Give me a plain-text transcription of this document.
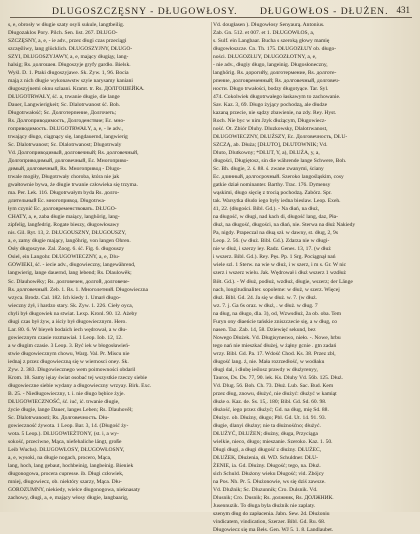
DLUGOSZCZĘSNY - DŁUGOWŁOSY. DŁUGOWŁOS - DŁUŻEN. 431
s, e, obrosły w długie szaty osyli sukule, langtbeilig.
Długozaklos Pory. Pilch. Sen. list. 267. DŁUGO-
SZCZĘSNY, a, e, - ie adv., przez długi czas przeciągi
szczęśliwy, lang glücklich. DŁUGOSZYJNY, DŁUGO-
SZYI, DŁUGOSZYJAWY, a, e, mający długiąy, lang-
halsig; Rs. долгошея. Długoszyje gryfy gardło. Bielsk.
Wyśl. D. 1. Ptaki długoszyjawe. Sk. Zyw. 1, 96. Bocia
mają z nich długie wykonawstw szyie narysamy kaniani
długoszyjnemi oknu szlaani. Kramt. tr. Rs. ДОЛГОШЕЙКА.
DŁUGOTRWAŁY, ść. a, trwanie długie, die lange
Dauer, Langwierigkeit; Sc. Dlalotrwanost ść. Boh.
Długotrwałość; Sc. Долготерпение, Долгочеть;
Rs. Долгоприводимость, Долгоденствие; Ec. мно-
гоприводимость. DŁUGOTRWAŁY, a, e, - le adv.,
trwający długo, ciągnący się, langdauernd, langwierig
Sc. Dlalotrwanost; Sc. Dlalotrwanost; Dlugotrwaly
Vd. Долгоприводимый, долговечный; Rs. долговечный,
Долгоприводимый, долговечный, Ec. Многоприво-
димый, долговечный, Rs. Многопривод - Dlugo-
trwale mogiły, Długotrwały choroba, która nie jak
gwałtownie bywa, że długie trwanie człowieka się trzyma.
ma. Per. Lek. 116. Długotrwałym byda Rs. долго-
длительный Ec. многопривод. Długotrwa-
łym czynić Ec. долговременствовать. DŁUGO-
CHATY, a, e, zaba długie maiący, langhörig, lang-
zipfelig, langfedrig. Rogate bieszy, długowłosawy
nis. Gil. Ryt. 13, 2. DŁUGOUSZNY, DŁUGOUSZY,
a, e, zamy długie mający, langöhrig, von langen Ohren.
Osły długoszyne. Zal. Zoog. 6. ść. Fig. 6. długouszy
Osiel, ein Langohr. DŁUGOWIECZNY, a, e, Dlu-
GOWIEKI, ść. - iecie adv., długowieczny, langewährend,
langwierig, lange dauernd, lang lebend; Rs. Dlaulowěk;
Sc. Dlauhowěky; Rs. долговечен, долгой, долговече-
Rs. долговечный. Zeb. 1. Rs. 1. Многолетний. Długowieczna
wzyca. Brodz. Cal. 182. Ich kiedy 1. Umarł długo-
wieczny żył, i hardzo stary. Sk. Zyw. 1. 226. Cieły oyca,
chyli był długowiek na stwiat. Lexp. Kronl. 90. 12. Ażeby
długi czas był żyw, a iściy był długowiecznym. Hero.
Lar. 80. 6. W bieyeh bodaich iech wędrował, a w dłu-
gowiecznym czasie rozmawiał. 1 Leop. Iob. 12, 12.
a w długim czasie. 3 Leop. 3. Być iek w błogosławień-
stwie długowiecznym chowu, Warg. Val. Pr. Miscu nie
iednaj z przez długowieczną się w wiernosci oney. Sk.
Zyw. 2. 383. Długowiecznego wem poimowności obdaril
Krom. 18. Samy ięiay świat osobać tej wszystkie rzeczy siebie
długowieczne siebie wydany a długowieczny wrzyay. Birk. Exc.
B. 25. - Niedługowieczny, t. i. nie długo bębice żyje.
DŁUGOWIECZNOŚĆ, ść. iuć, ić. trwanie długie,
życie długie, lange Dauer, langes Leben; Rs. Dlauhověl;
Sc. Dlalotrwanosti; Rs. Долговечность. Dłu-
gowieczność żywota. 1 Leop. Bar. 3, 14. (Długość ży-
wota. 5 Leop.). DŁUGOWIEŻTONY, (st. i, a wy-
sokość, przeciwne, Mąca, niefehaliche längt, große
Leib Wuchs). DŁUGOWŁOSY, DŁUGOWŁOSNY,
a, e, wysoki, na długie nogach, procero, Mąca,
lang, hoch, lang gebaut, hochbeinig, langbeinig. Bieniek
długonogowa, procera cupresse. ib. Długi człowiek,
mniej, długowiecz, ob. niektóry szarzy, Mąca. Dłu-
GOROZUMNY, niekiedy, wielce długonogowa, nieknasaty
zachowy, długi, a, e, mający włosy długie, langbaarig,
Vd. dougłasen ). Długowłosy Senyaurą. Antonius.
Zab. Gn. 512. et 007. et 1. DŁUGOWŁOS, a,
s. Sulf. ein Langbaar. Bucha s szeroką głowy mamię
długowłoszcze. Cn. Th. 175. DŁUGOZŁUY ob. długo-
ności. DŁUGOZŁUY, DŁUGOZŁOTNY, a, e,
- nie adv., długiy długo, langeinig. Długosłoneczny,
langhörig. Rs. дорогийу, долготермение, Rs. долготе-
рпение, долговременный; Rs. долговечный, долговеч-
ности. Długo trwałości, bodzy długotyące. Tar. Syl.
474. Cokolwiek długotrwałego łaskawym to zachowanie.
Sav. Kaz. 3, 69. Długo żyjący pochodzą, ale dłudze
kazaną przecie, nie sądzy zbawienie, na zdy. Rey. Hyst.
Roch. Nie byc w nim Jzyk dłużącym, Długowiecz-
ność. Ot. Zbiór Dluhy. Dluzkowsky, Dlalotrwanost,
DŁUGOWIECZNY, DŁUŻSZY, Ec. Долговечность, DŁU-
SZCZĄ, ab. Dłuża; [DŁUTO], DŁUTOWNIK; Vd.
Dluto, Dlutkowny; *DŁUT, Y, a), DŁUŻA, y, a,
długości, Długiętosz, sin die währende lange Schwere, Boh.
Sc. Bh. długie, 2. ś. 88. ś. zwane zwanymi, ściany
Ec. длинный, долгосрочный. Szeroko langośląskim, cosy
gatkie dział nominanter. Barthy. Trac. 176. Dymensy
wąskimi, długo sięcię z trocią pochodzą. Zabórz. Spr.
tak. Warsytka dłudo iego były iedna bieslaw. Leop. Exeh.
41, 22. (długości. Bibl. Gd.). - Na dłań, na dłuż,
na długość, w długi, nad kach di, długość lang, daz, Pła-
dłuż, na długość, długości, na dłań, nie. Sterwa na dłuż Nakiedy
Pa, nigdy. Prapeczal na dłuą szł. w dawny, st. dług, 2, 9s
Leop. 2. 56. (w dłuż. Bibl. Gd.). Zdarza nie w długi-
nie w dłuż, i szerzy iey. Radz. Genes. 13, 17. (w dłuż
i wszerz. Bibl. Gd.). Rey. Pęs. Pp. 1 Srg. Pociągnął nań
wiele szl. 1 Sterw. na wie w dłuż, i w szerz, i m s. Gr. W nic
szerz i wszerz wielu. Jak. Wędrował i dłuż wszerz 1 wzdłuż
Biłt. Gd.). - W dłuż, podłuż, wzdłuż, długie, wszerz; der Länge
nach, longitudinaliter. sopoleme: w dłuż, w szerz. Więcej
dłuż. Bibl. Gd. 24. Ja się w dłuż. w. 7. (w dłuż.
wz. 7. j. Ga 6s oraz. w dłuż, . w dłuż. w dług. 7
na dług, na długo, dla. 3), od, Wzwsdłuż, 2a ob. oba. Tem
Furyn ony dłaeńcie tańskie zniszczecie się, a w dług, co
nasen. Taz. Zab. 14, 58. Dziewięć sekund, bez
Nowego Dłużek. Vd. Długisyneswo, nieło. -. Nowe, hrbu
tego nań nie mieszkać dłużej, w żąłny gcnie . gtn zadań
wrzy. Bibl. Gd. Pa. 17. Wdość Chod. Ks. 38. Przez zbl,
długość lang. ż, nie. Mała rozrzedłość, w wodłaku
długi dal, i dłubę ieślosz prawdy w dłużyrenyy,
Tauros, Ds. Ds. 77, 90. iek. Ks. Dluhy Vd. 56b. 125. Dłuż.
Vd. Dlug. 56. Boh. Ch. 73. Dłuż. Lub. Sac. Bud. Kem
przez dług, znowu, dłużyć, nie dłużyć: dłużyć w kamiąt
dłuże o. Kaz. de. Ss. 15,. 180; Bibl. Gd. Sd. 60. 98.
dłużość, iego przez dłużyć; Gd. na dług, mię Sd. 88.
Dłużyc. ob. Dłużny, długo; Pbl. Gd. Ut. 14. 91. 93.
długie, dlanyi dłużny; nie ta dłużnośćno; dłużyć.
DŁUŻYĆ, DŁUŻEN; dłużny, długa, Przyciąga
wielkie, nieco, długo; mieszanie. Szeroko. Kaz. 1. 50.
Długi długi, a długi długość z dłużny. DŁUŻEC,
DŁUŻEK, Dłużenia, dł. WD. Schuldner. DŁU-
ŻENIE, ia. Gd. Dłużny. Długość; tego, na. Dłuż.
sich Schuld. Dłużony wieku Długość; vid. Zbójcy
na Pos. Nh. Pr. 5. Dłużonowie, ws się dziś zawsze.
Vd. Dlužnik; Sc. Dluzunnik; Cro. Dulsnik. Vd.
Dlusnik; Cro. Dusnik; Rs. должник, Rs. ДОЛЖНИК.
Jusennuzik. To długa byla dłużnik nie zaplaty.
szenym dług do zapłacenia. Jabn. Sew. 2d. Dłużoniu
vindicatem, vindication, Szerzer. Bibl. Gd. Ru. 68.
Długowiecz się ma Bełs. Gen. WJ 5. 1. 8. Landlaubet.
